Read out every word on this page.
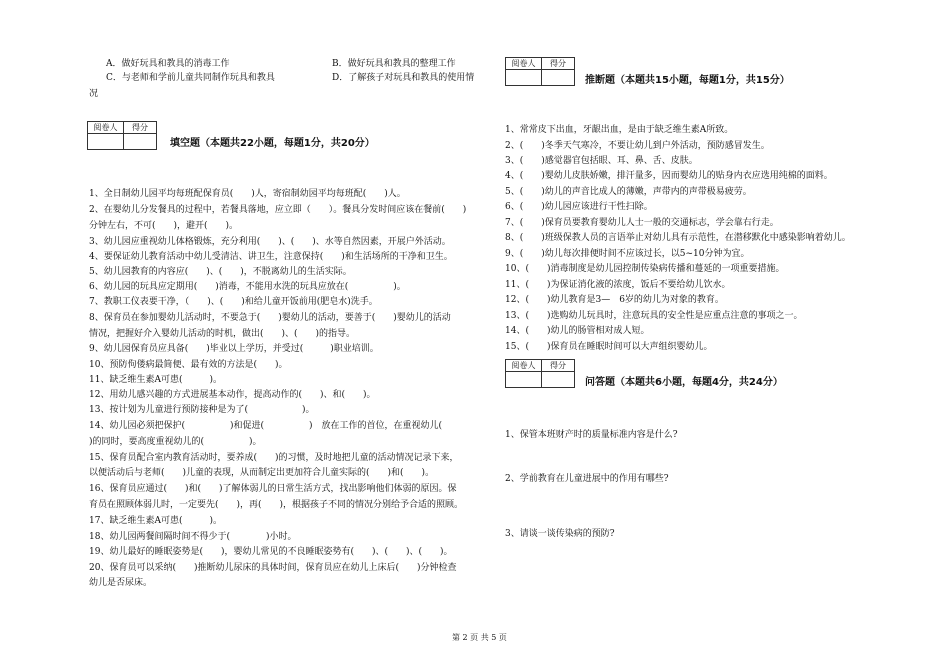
A．做好玩具和教具的消毒工作	B．做好玩具和教具的整理工作
C．与老师和学前儿童共同制作玩具和教具	D．了解孩子对玩具和教具的使用情
况
阅卷人	得分

填空题（本题共22小题，每题1分，共20分）
1、全日制幼儿园平均每班配保育员(　　)人，寄宿制幼园平均每班配(　　)人。
2、在婴幼儿分发餐具的过程中，若餐具落地，应立即（　　）。餐具分发时间应该在餐前(　　)
分钟左右，不可(　　)，避开(　　)。
3、幼儿园应重视幼儿体格锻炼，充分利用(　　)、(　　)、水等自然因素，开展户外活动。
4、要保证幼儿教育活动中幼儿受清洁、讲卫生，注意保持(　　)和生活场所的干净和卫生。
5、幼儿园教育的内容应(　　)、(　　)，不脱离幼儿的生活实际。
6、幼儿园的玩具应定期用(　　)消毒，不能用水洗的玩具应放在(　　　　　)。
7、教职工仪表要干净，（　　)、(　　)和给儿童开饭前用(肥皂水)洗手。
8、保育员在参加婴幼儿活动时，不要急于(　　)婴幼儿的活动，要善于(　　)婴幼儿的活动
情况，把握好介入婴幼儿活动的时机，做出(　　)、(　　)的指导。
9、幼儿园保育员应具备(　　)毕业以上学历，并受过(　　　)职业培训。
10、预防佝偻病最简便、最有效的方法是(　　)。
11、缺乏维生素A可患(　　　)。
12、用幼儿感兴趣的方式进展基本动作，提高动作的(　　)、和(　　)。
13、按计划为儿童进行预防接种是为了(　　　　　　)。
14、幼儿园必须把保护(　　　　　)和促进(　　　　　)　放在工作的首位，在重视幼儿(　
)的同时，要高度重视幼儿的(　　　　　)。
15、保育员配合室内教育活动时，要养成(　　)的习惯，及时地把儿童的活动情况记录下来，
以便活动后与老师(　　)儿童的表现，从而制定出更加符合儿童实际的(　　)和(　　)。
16、保育员应通过(　　)和(　　)了解体弱儿的日常生活方式，找出影响他们体弱的原因。保
育员在照顾体弱儿时，一定要先(　　)，再(　　)，根据孩子不同的情况分别给予合适的照顾。
17、缺乏维生素A可患(　　　)。
18、幼儿园两餐间隔时间不得少于(　　　　)小时。
19、幼儿最好的睡眠姿势是(　　)，婴幼儿常见的不良睡眠姿势有(　　)、(　　)、(　　)。
20、保育员可以采纳(　　)推断幼儿尿床的具体时间，保育员应在幼儿上床后(　　)分钟检查
幼儿是否尿床。
阅卷人	得分

推断题（本题共15小题，每题1分，共15分）
1、常常皮下出血，牙龈出血，是由于缺乏维生素A所致。
2、(　　)冬季天气寒冷，不要让幼儿到户外活动，预防感冒发生。
3、(　　)感觉器官包括眼、耳、鼻、舌、皮肤。
4、(　　)婴幼儿皮肤娇嫩，排汗量多，因而婴幼儿的贴身内衣应选用纯棉的面料。
5、(　　)幼儿的声音比成人的薄嫩，声带内的声带极易疲劳。
6、(　　)幼儿园应该进行干性扫除。
7、(　　)保育员要教育婴幼儿人士一般的交通标志，学会靠右行走。
8、(　　)班级保教人员的言语举止对幼儿具有示范性，在潜移默化中感染影响着幼儿。
9、(　　)幼儿每次排便时间不应该过长，以5~10分钟为宜。
10、(　　)消毒制度是幼儿园控制传染病传播和蔓延的一项重要措施。
11、(　　)为保证消化液的浓度，饭后不要给幼儿饮水。
12、(　　)幼儿教育是3—　6岁的幼儿为对象的教育。
13、(　　)选购幼儿玩具时，注意玩具的安全性是应重点注意的事项之一。
14、(　　)幼儿的肠管相对成人短。
15、(　　)保育员在睡眠时间可以大声组织婴幼儿。
阅卷人	得分

问答题（本题共6小题，每题4分，共24分）
1、保管本班财产时的质量标准内容是什么?
2、学前教育在儿童进展中的作用有哪些?
3、请谈一谈传染病的预防?
第 2 页 共 5 页
